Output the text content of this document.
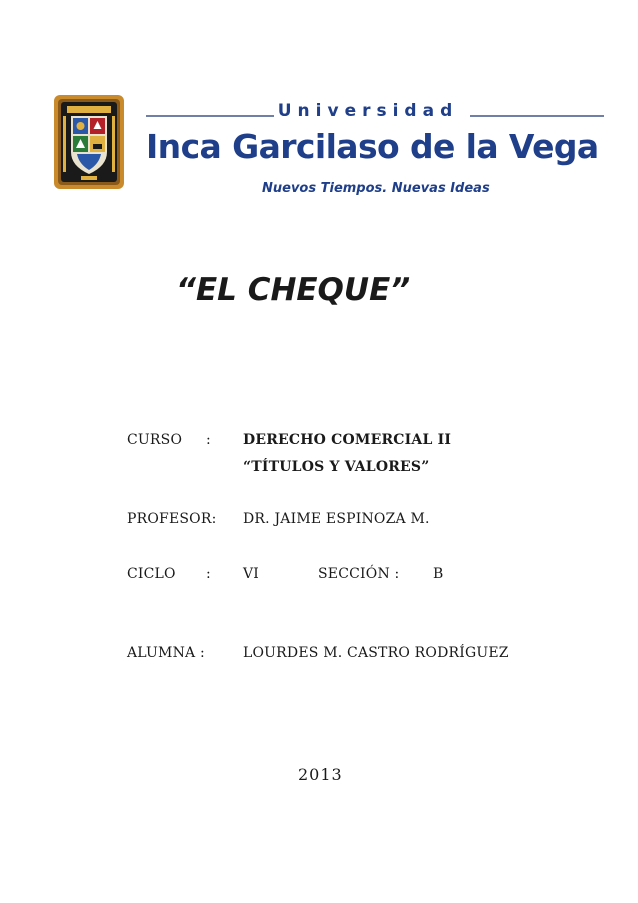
Universidad
Inca Garcilaso de la Vega
Nuevos Tiempos. Nuevas Ideas
“EL CHEQUE”
CURSO : DERECHO COMERCIAL II
“TÍTULOS Y VALORES”
PROFESOR: DR. JAIME ESPINOZA M.
CICLO : VI	SECCIÓN : B
ALUMNA :	LOURDES M. CASTRO RODRÍGUEZ
2013
